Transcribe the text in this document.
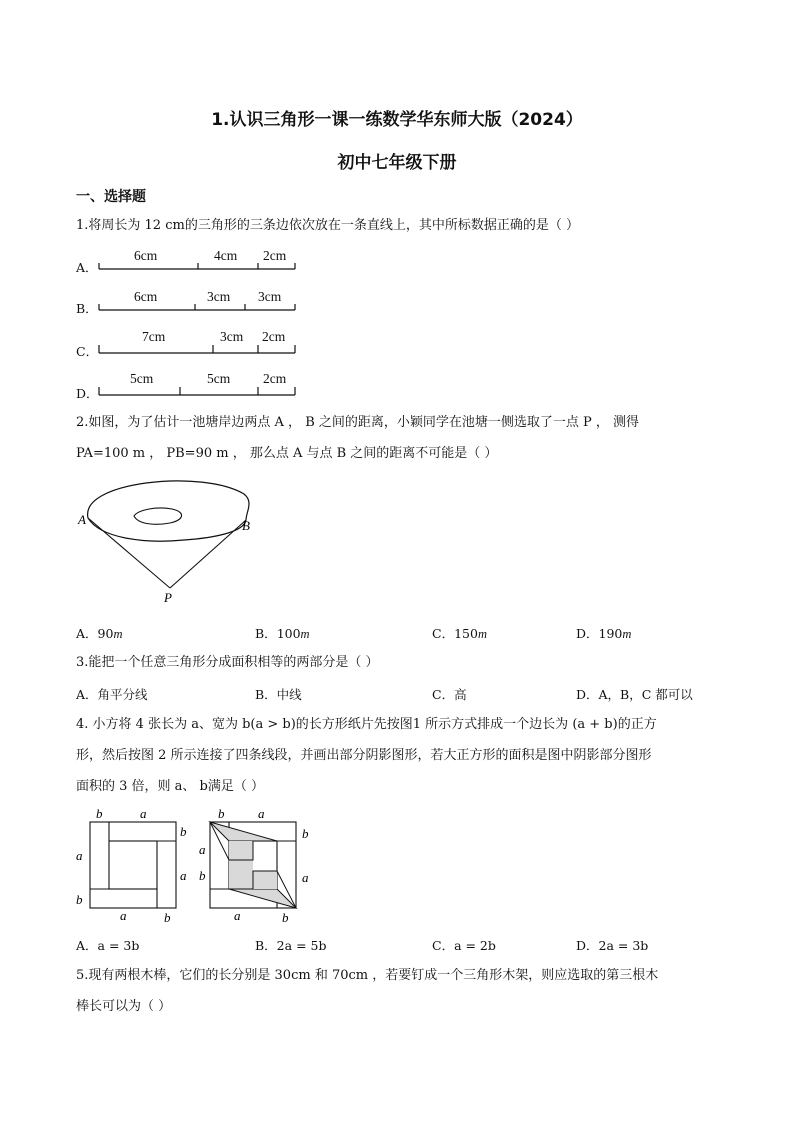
1.认识三角形一课一练数学华东师大版（2024）
初中七年级下册
一、选择题
1.将周长为 12 cm的三角形的三条边依次放在一条直线上，其中所标数据正确的是（ ）
A．
6cm	4cm 2cm
B．
6cm	3cm 3cm
C．
7cm	3cm 2cm
D．
5cm	5cm 2cm
2.如图，为了估计一池塘岸边两点 A ， B 之间的距离，小颖同学在池塘一侧选取了一点 P ， 测得
PA=100 m ， PB=90 m ， 那么点 A 与点 B 之间的距离不可能是（ ）
A	B
P
A．90m	B．100m	C．150m	D．190m
3.能把一个任意三角形分成面积相等的两部分是（ ）
A．角平分线	B．中线	C．高	D．A，B，C 都可以
4. 小方将 4 张长为 a、宽为 b(a > b)的长方形纸片先按图1 所示方式排成一个边长为 (a + b)的正方
形，然后按图 2 所示连接了四条线段，并画出部分阴影图形，若大正方形的面积是图中阴影部分图形
面积的 3 倍，则 a、 b满足（ ）
b	a
b
a
a
b
a	b
b	a
b
a
a
b
a	b
A．a = 3b	B．2a = 5b	C．a = 2b	D．2a = 3b
5.现有两根木棒，它们的长分别是 30cm 和 70cm ，若要钉成一个三角形木架，则应选取的第三根木
棒长可以为（ ）
